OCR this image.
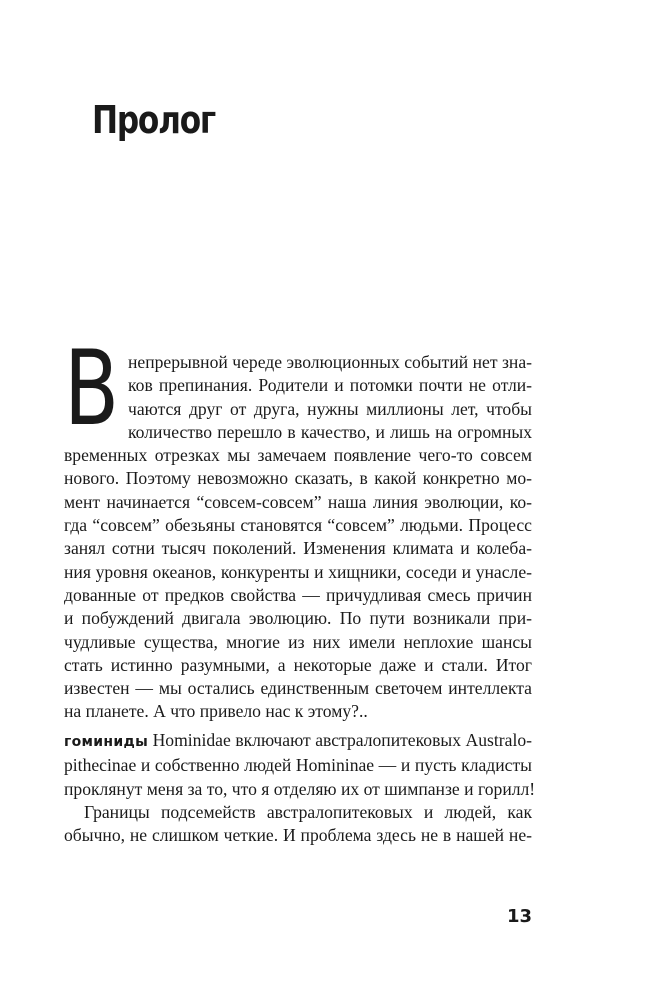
Пролог
В непрерывной череде эволюционных событий нет зна-
ков препинания. Родители и потомки почти не отли-
чаются друг от друга, нужны миллионы лет, чтобы
количество перешло в качество, и лишь на огромных
временных отрезках мы замечаем появление чего-то совсем
нового. Поэтому невозможно сказать, в какой конкретно мо-
мент начинается “совсем-совсем” наша линия эволюции, ко-
гда “совсем” обезьяны становятся “совсем” людьми. Процесс
занял сотни тысяч поколений. Изменения климата и колеба-
ния уровня океанов, конкуренты и хищники, соседи и унасле-
дованные от предков свойства — причудливая смесь причин
и побуждений двигала эволюцию. По пути возникали при-
чудливые существа, многие из них имели неплохие шансы
стать истинно разумными, а некоторые даже и стали. Итог
известен — мы остались единственным светочем интеллекта
на планете. А что привело нас к этому?..
гоминиды Hominidae включают австралопитековых Australo-
pithecinae и собственно людей Homininae — и пусть кладисты
проклянут меня за то, что я отделяю их от шимпанзе и горилл!
Границы подсемейств австралопитековых и людей, как
обычно, не слишком четкие. И проблема здесь не в нашей не-
13
